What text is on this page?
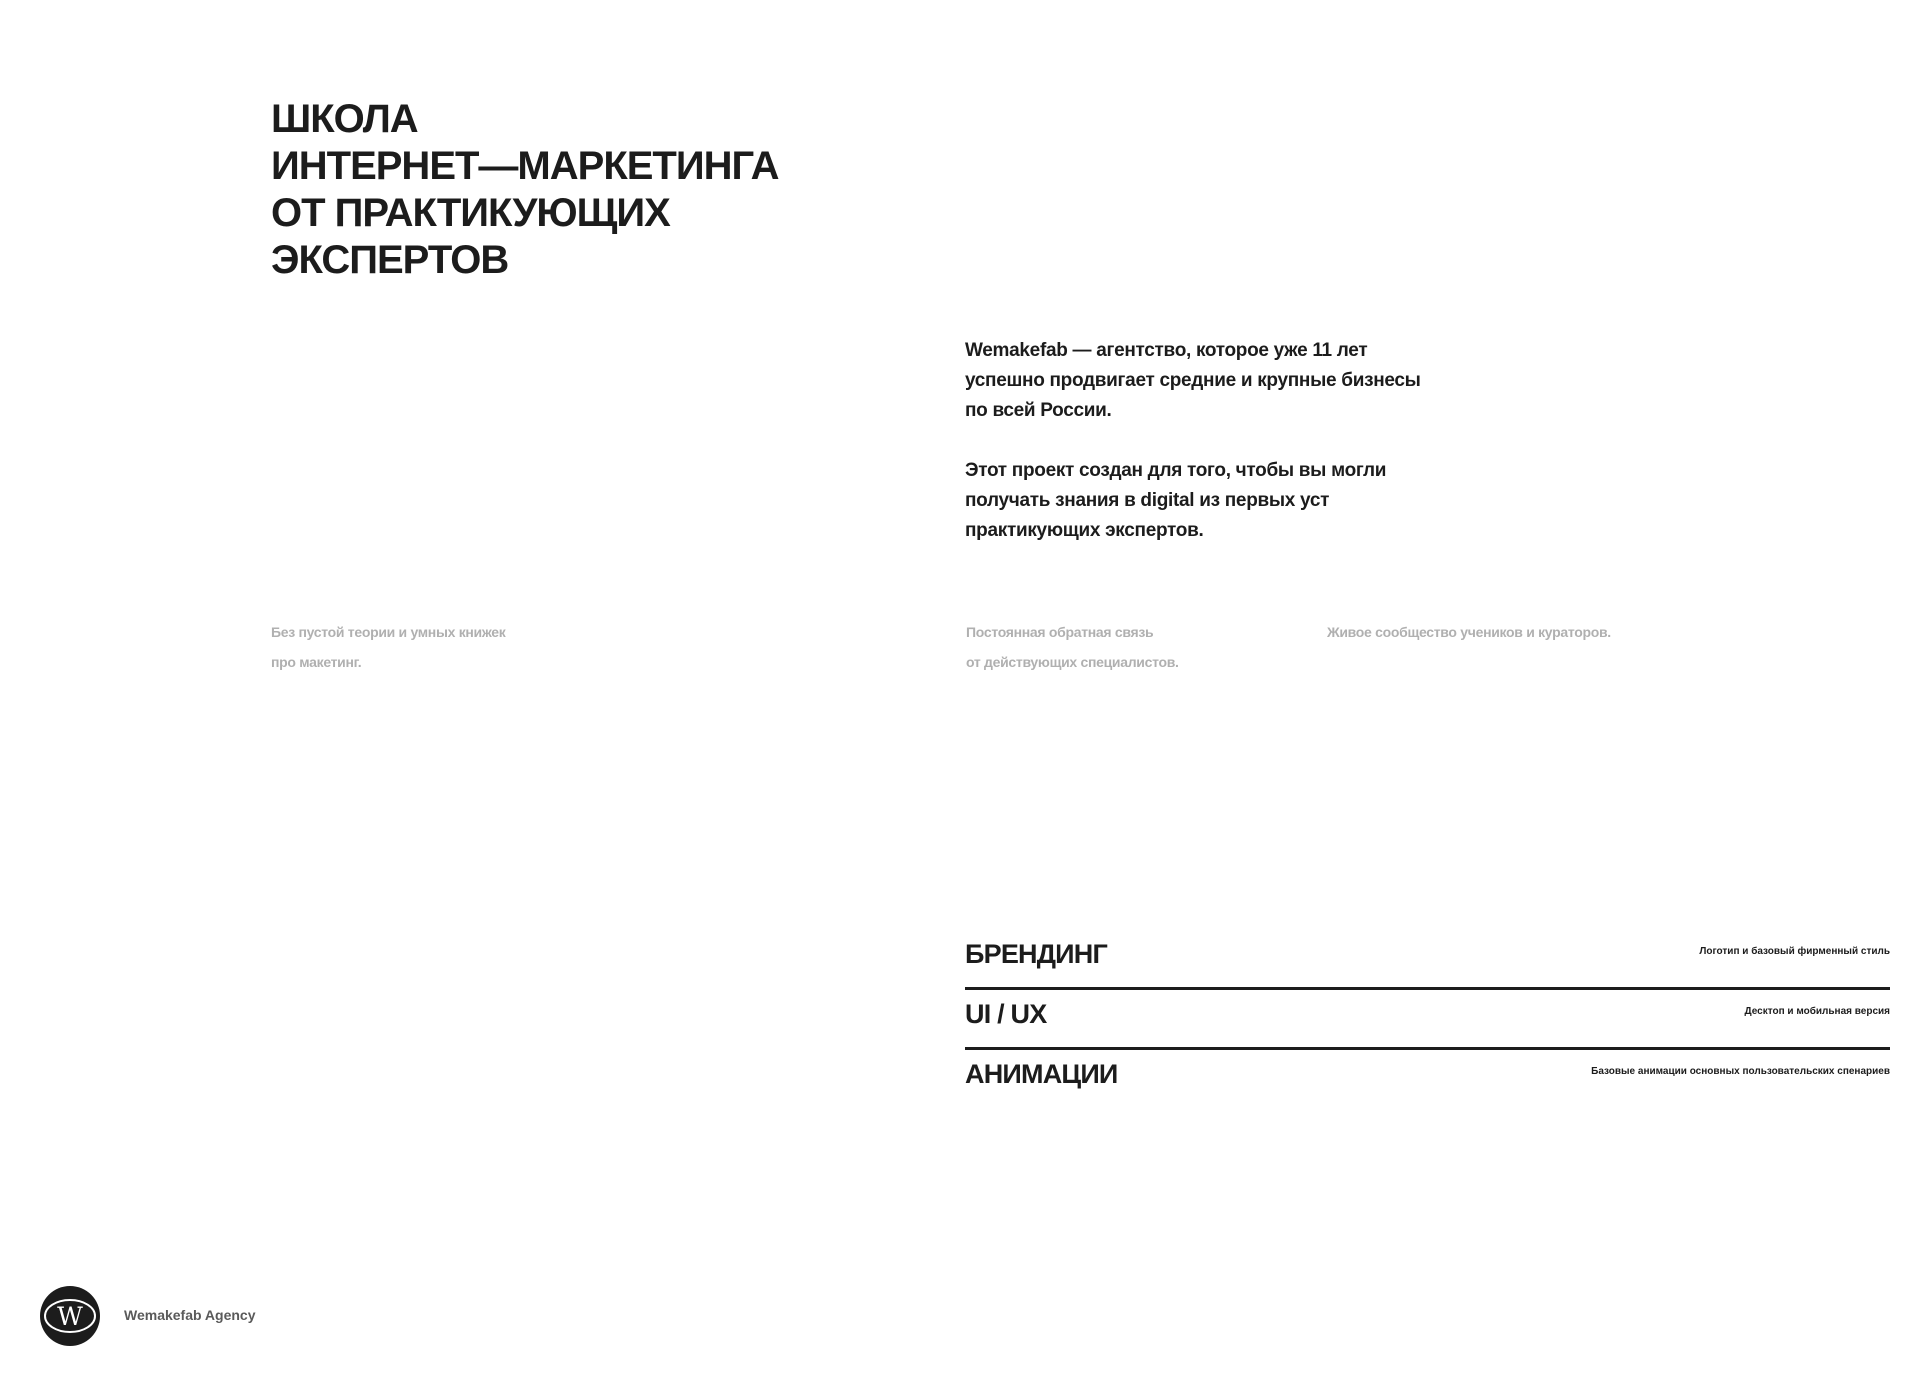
ШКОЛА
ИНТЕРНЕТ—МАРКЕТИНГА
ОТ ПРАКТИКУЮЩИХ
ЭКСПЕРТОВ

Wemakefab — агентство, которое уже 11 лет
успешно продвигает средние и крупные бизнесы
по всей России.

Этот проект создан для того, чтобы вы могли
получать знания в digital из первых уст
практикующих экспертов.

Без пустой теории и умных книжек
про макетинг.
Постоянная обратная связь
от действующих специалистов.
Живое сообщество учеников и кураторов.
БРЕНДИНГ	Логотип и базовый фирменный стиль
UI / UX	Десктоп и мобильная версия
АНИМАЦИИ	Базовые анимации основных пользовательских спенариев
W	Wemakefab Agency
